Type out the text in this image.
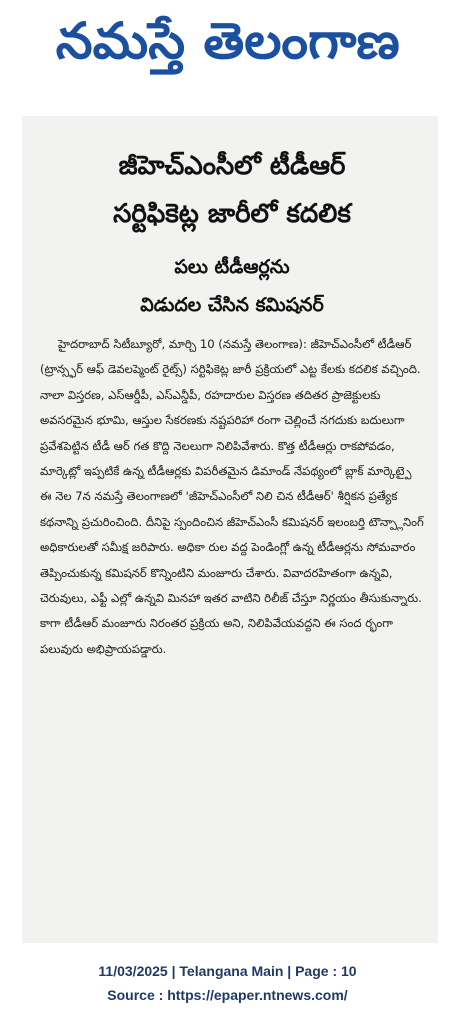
నమస్తే తెలంగాణ
జీహెచ్ఎంసీలో టీడీఆర్
సర్టిఫికెట్ల జారీలో కదలిక
పలు టీడీఆర్లను
విడుదల చేసిన కమిషనర్

హైదరాబాద్ సిటీబ్యూరో, మార్చి 10 (నమస్తే తెలంగాణ): జీహెచ్ఎంసీలో టీడీఆర్ (ట్రాన్స్ఫర్ ఆఫ్ డెవలప్మెంట్ రైట్స్) సర్టిఫికెట్ల జారీ ప్రక్రియలో ఎట్ట కేలకు కదలిక వచ్చింది. నాలా విస్తరణ, ఎస్ఆర్డీపీ, ఎస్ఎన్డీపీ, రహదారుల విస్తరణ తదితర ప్రాజెక్టులకు అవసరమైన భూమి, ఆస్తుల సేకరణకు నష్టపరిహా రంగా చెల్లించే నగదుకు బదులుగా ప్రవేశపెట్టిన టీడీ ఆర్ గత కొద్ది నెలలుగా నిలిపివేశారు. కొత్త టీడీఆర్లు రాకపోవడం, మార్కెట్లో ఇప్పటికే ఉన్న టీడీఆర్లకు విపరీతమైన డిమాండ్ నేపథ్యంలో బ్లాక్ మార్కెట్పై ఈ నెల 7న నమస్తే తెలంగాణలో 'జీహెచ్ఎంసీలో నిలి చిన టీడీఆర్' శీర్షికన ప్రత్యేక కథనాన్ని ప్రచురించింది. దీనిపై స్పందించిన జీహెచ్ఎంసీ కమిషనర్ ఇలంబర్తి టౌన్ప్లానింగ్ అధికారులతో సమీక్ష జరిపారు. అధికా రుల వద్ద పెండింగ్లో ఉన్న టీడీఆర్లను సోమవారం తెప్పించుకున్న కమిషనర్ కొన్నింటిని మంజూరు చేశారు. వివాదరహితంగా ఉన్నవి, చెరువులు, ఎఫ్టీ ఎల్లో ఉన్నవి మినహా ఇతర వాటిని రిలీజ్ చేస్తూ నిర్ణయం తీసుకున్నారు. కాగా టీడీఆర్ మంజూరు నిరంతర ప్రక్రియ అని, నిలిపివేయవద్దని ఈ సంద ర్భంగా పలువురు అభిప్రాయపడ్డారు.

11/03/2025 | Telangana Main | Page : 10
Source : https://epaper.ntnews.com/
